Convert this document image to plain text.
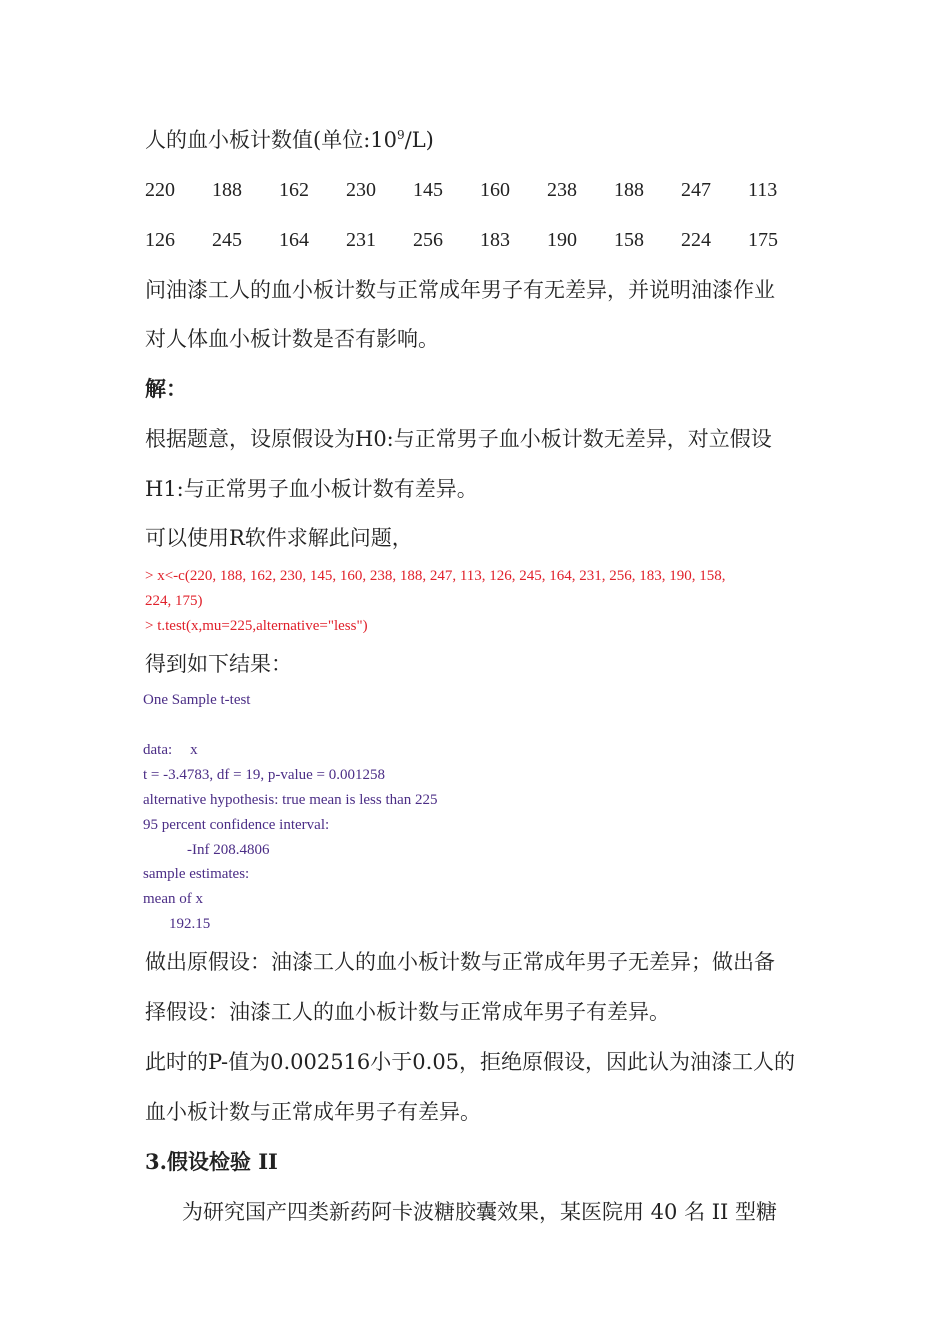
人的血小板计数值(单位$:10^9/L$)
220	188	162	230	145	160	238	188	247	113
126	245	164	231	256	183	190	158	224	175
问油漆工人的血小板计数与正常成年男子有无差异，并说明油漆作业
对人体血小板计数是否有影响。
解：
根据题意，设原假设为H0:与正常男子血小板计数无差异，对立假设
H1:与正常男子血小板计数有差异。
可以使用R软件求解此问题，
> x<-c(220, 188, 162, 230, 145, 160, 238, 188, 247, 113, 126, 245, 164, 231, 256, 183, 190, 158,
224, 175)
> t.test(x,mu=225,alternative="less")
得到如下结果：
One Sample t-test
data: x
t = -3.4783, df = 19, p-value = 0.001258
alternative hypothesis: true mean is less than 225
95 percent confidence interval:
-Inf 208.4806
sample estimates:
mean of x
192.15
做出原假设：油漆工人的血小板计数与正常成年男子无差异；做出备
择假设：油漆工人的血小板计数与正常成年男子有差异。
此时的P-值为0.002516小于0.05，拒绝原假设，因此认为油漆工人的
血小板计数与正常成年男子有差异。
3.假设检验 II
为研究国产四类新药阿卡波糖胶囊效果，某医院用 40 名 II 型糖
